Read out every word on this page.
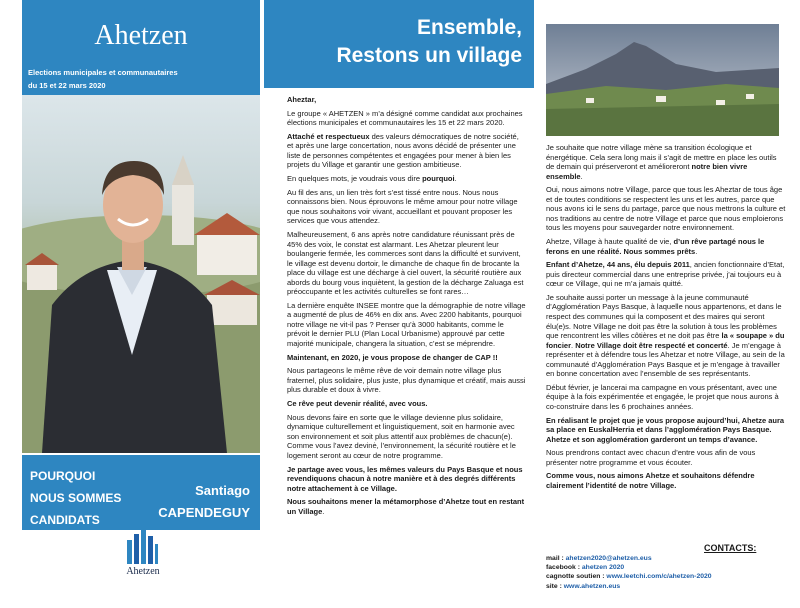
Ahetzen
Elections municipales et communautaires
du 15 et 22 mars 2020
POURQUOI
NOUS SOMMES
CANDIDATS
Santiago
CAPENDEGUY
Ahetzen
Ensemble,
Restons un village

Aheztar,

Le groupe « AHETZEN » m’a désigné comme candidat aux prochaines élections municipales et communautaires les 15 et 22 mars 2020.

Attaché et respectueux des valeurs démocratiques de notre société, et après une large concertation, nous avons décidé de présenter une liste de personnes compétentes et engagées pour mener à bien les projets du Village et garantir une gestion ambitieuse.

En quelques mots, je voudrais vous dire pourquoi.

Au fil des ans, un lien très fort s’est tissé entre nous. Nous nous connaissons bien. Nous éprouvons le même amour pour notre village que nous souhaitons voir vivant, accueillant et pouvant proposer les services que vous attendez.

Malheureusement, 6 ans après notre candidature réunissant près de 45% des voix, le constat est alarmant. Les Ahetzar pleurent leur boulangerie fermée, les commerces sont dans la difficulté et survivent, le village est devenu dortoir, le dimanche de chaque fin de brocante la place du village est une décharge à ciel ouvert, la sécurité routière aux abords du bourg vous inquiètent, la gestion de la décharge Zaluaga est préoccupante et les activités culturelles se font rares…

La dernière enquête INSEE montre que la démographie de notre village a augmenté de plus de 46% en dix ans. Avec 2200 habitants, pourquoi notre village ne vit-il pas ? Penser qu’à 3000 habitants, comme le prévoit le dernier PLU (Plan Local Urbanisme) approuvé par cette majorité municipale, changera la situation, c’est se méprendre.

Maintenant, en 2020, je vous propose de changer de CAP !!

Nous partageons le même rêve de voir demain notre village plus fraternel, plus solidaire, plus juste, plus dynamique et créatif, mais aussi plus durable et doux à vivre.

Ce rêve peut devenir réalité, avec vous.

Nous devons faire en sorte que le village devienne plus solidaire, dynamique culturellement et linguistiquement, soit en harmonie avec son environnement et soit plus attentif aux problèmes de chacun(e). Comme vous l’avez devinė, l’environnement, la sécurité routière et le logement seront au cœur de notre programme.

Je partage avec vous, les mêmes valeurs du Pays Basque et nous revendiquons chacun à notre manière et à des degrés différents notre attachement à ce Village.

Nous souhaitons mener la métamorphose d’Ahetze tout en restant un Village.

Je souhaite que notre village mène sa transition écologique et énergétique. Cela sera long mais il s’agit de mettre en place les outils de demain qui préserveront et amélioreront notre bien vivre ensemble.

Oui, nous aimons notre Village, parce que tous les Aheztar de tous âge et de toutes conditions se respectent les uns et les autres, parce que nous avons ici le sens du partage, parce que nous mettrons la culture et nos traditions au centre de notre Village et parce que nous emploierons tous les moyens pour sauvegarder notre environnement.

Ahetze, Village à haute qualité de vie, d’un rêve partagé nous le ferons en une réalité. Nous sommes prêts.

Enfant d’Ahetze, 44 ans, élu depuis 2011, ancien fonctionnaire d’Etat, puis directeur commercial dans une entreprise privée, j’ai toujours eu à cœur ce Village, qui ne m’a jamais quitté.

Je souhaite aussi porter un message à la jeune communauté d’Agglomération Pays Basque, à laquelle nous appartenons, et dans le respect des communes qui la composent et des maires qui seront élu(e)s. Notre Village ne doit pas être la solution à tous les problèmes que rencontrent les villes côtières et ne doit pas être la « soupape » du foncier. Notre Village doit être respecté et concerté. Je m’engage à représenter et à défendre tous les Ahetzar et notre Village, au sein de la communauté d’Agglomération Pays Basque et je m’engage à travailler en bonne concertation avec l’ensemble de ses représentants.

Début février, je lancerai ma campagne en vous présentant, avec une équipe à la fois expérimentée et engagée, le projet que nous aurons à co-construire dans les 6 prochaines années.

En réalisant le projet que je vous propose aujourd’hui, Ahetze aura sa place en EuskalHerria et dans l’agglomération Pays Basque. Ahetze et son agglomération garderont un temps d’avance.

Nous prendrons contact avec chacun d’entre vous afin de vous présenter notre programme et vous écouter.

Comme vous, nous aimons Ahetze et souhaitons défendre clairement l’identité de notre Village.

CONTACTS:
mail : ahetzen2020@ahetzen.eus
facebook : ahetzen 2020
cagnotte soutien : www.leetchi.com/c/ahetzen-2020
site : www.ahetzen.eus
